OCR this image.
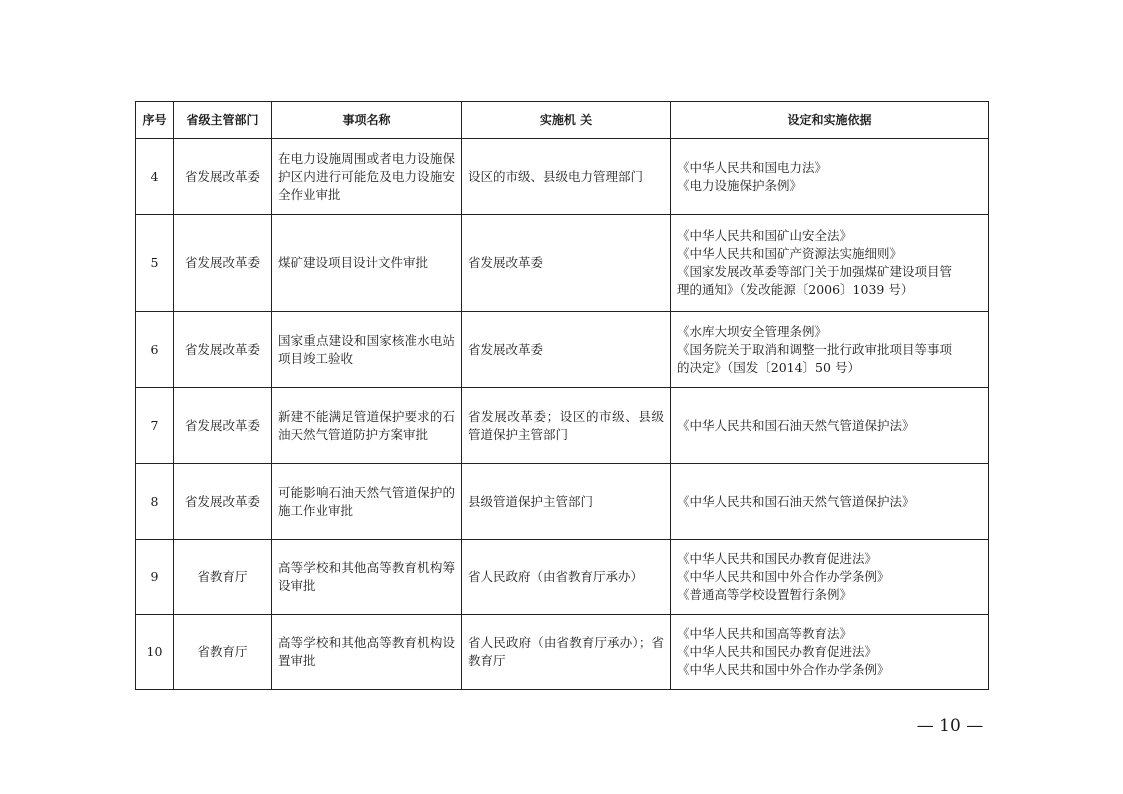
序号	省级主管部门	事项名称	实施机 关	设定和实施依据
4	省发展改革委	在电力设施周围或者电力设施保护区内进行可能危及电力设施安全作业审批	设区的市级、县级电力管理部门	《中华人民共和国电力法》
《电力设施保护条例》

5	省发展改革委	煤矿建设项目设计文件审批	省发展改革委	《中华人民共和国矿山安全法》
《中华人民共和国矿产资源法实施细则》
《国家发展改革委等部门关于加强煤矿建设项目管
理的通知》（发改能源〔2006〕1039 号）

6	省发展改革委	国家重点建设和国家核准水电站项目竣工验收	省发展改革委	《水库大坝安全管理条例》
《国务院关于取消和调整一批行政审批项目等事项
的决定》（国发〔2014〕50 号）

7	省发展改革委	新建不能满足管道保护要求的石油天然气管道防护方案审批	省发展改革委；设区的市级、县级管道保护主管部门	《中华人民共和国石油天然气管道保护法》

8	省发展改革委	可能影响石油天然气管道保护的施工作业审批	县级管道保护主管部门	《中华人民共和国石油天然气管道保护法》

9	省教育厅	高等学校和其他高等教育机构筹设审批	省人民政府（由省教育厅承办）	《中华人民共和国民办教育促进法》
《中华人民共和国中外合作办学条例》
《普通高等学校设置暂行条例》

10	省教育厅	高等学校和其他高等教育机构设置审批	省人民政府（由省教育厅承办）；省教育厅	《中华人民共和国高等教育法》
《中华人民共和国民办教育促进法》
《中华人民共和国中外合作办学条例》
— 10 —
